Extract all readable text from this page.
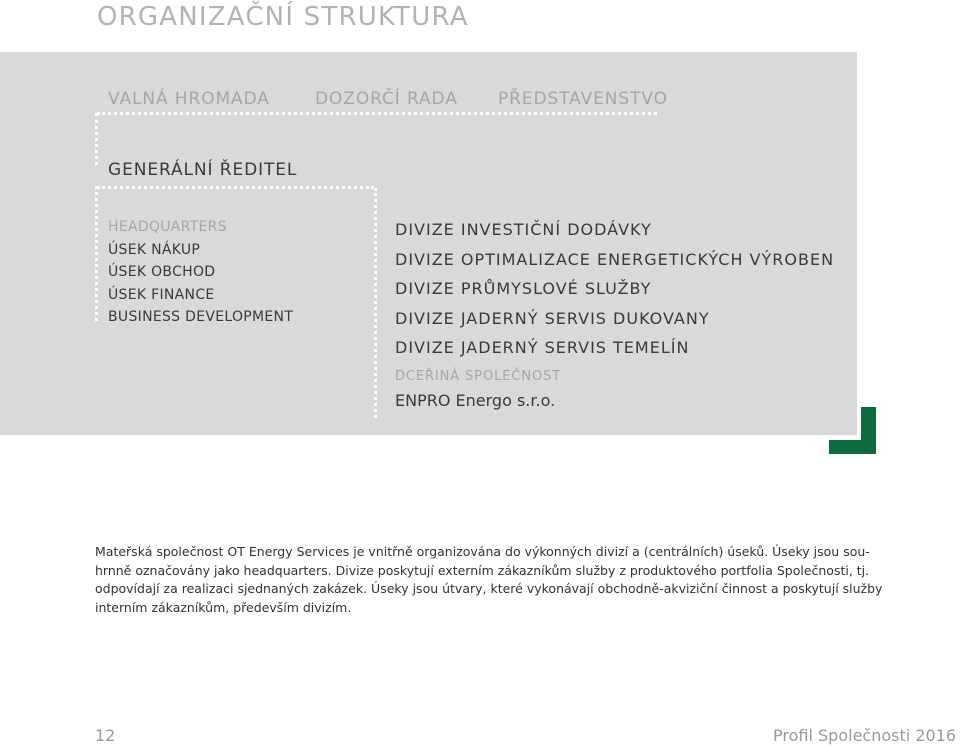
ORGANIZAČNÍ STRUKTURA
VALNÁ HROMADA	DOZORČÍ RADA PŘEDSTAVENSTVO
GENERÁLNÍ ŘEDITEL
HEADQUARTERS
ÚSEK NÁKUP
ÚSEK OBCHOD
ÚSEK FINANCE
BUSINESS DEVELOPMENT
DIVIZE INVESTIČNÍ DODÁVKY
DIVIZE OPTIMALIZACE ENERGETICKÝCH VÝROBEN
DIVIZE PRŮMYSLOVÉ SLUŽBY
DIVIZE JADERNÝ SERVIS DUKOVANY
DIVIZE JADERNÝ SERVIS TEMELÍN
DCEŘINÁ SPOLEČNOST
ENPRO Energo s.r.o.

Mateřská společnost OT Energy Services je vnitřně organizována do výkonných divizí a (centrálních) úseků. Úseky jsou sou-

hrnně označovány jako headquarters. Divize poskytují externím zákazníkům služby z produktového portfolia Společnosti, tj.

odpovídají za realizaci sjednaných zakázek. Úseky jsou útvary, které vykonávají obchodně-akviziční činnost a poskytují služby

interním zákazníkům, především divizím.

12	Profil Společnosti 2016
